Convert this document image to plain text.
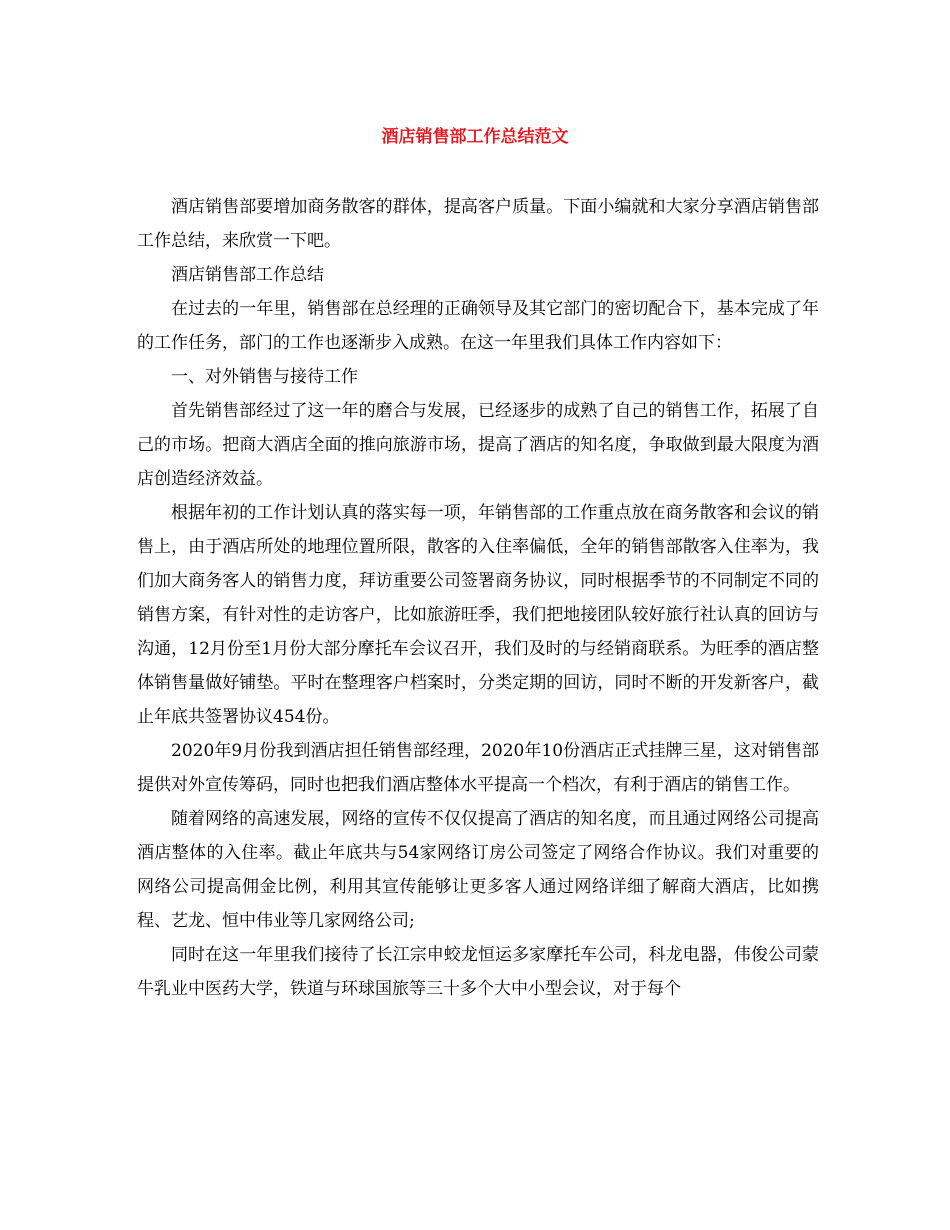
酒店销售部工作总结范文

酒店销售部要增加商务散客的群体，提高客户质量。下面小编就和大家分享酒店销售部工作总结，来欣赏一下吧。

酒店销售部工作总结

在过去的一年里，销售部在总经理的正确领导及其它部门的密切配合下，基本完成了年的工作任务，部门的工作也逐渐步入成熟。在这一年里我们具体工作内容如下：

一、对外销售与接待工作

首先销售部经过了这一年的磨合与发展，已经逐步的成熟了自己的销售工作，拓展了自己的市场。把商大酒店全面的推向旅游市场，提高了酒店的知名度，争取做到最大限度为酒店创造经济效益。

根据年初的工作计划认真的落实每一项，年销售部的工作重点放在商务散客和会议的销售上，由于酒店所处的地理位置所限，散客的入住率偏低，全年的销售部散客入住率为，我们加大商务客人的销售力度，拜访重要公司签署商务协议，同时根据季节的不同制定不同的销售方案，有针对性的走访客户，比如旅游旺季，我们把地接团队较好旅行社认真的回访与沟通，12月份至1月份大部分摩托车会议召开，我们及时的与经销商联系。为旺季的酒店整体销售量做好铺垫。平时在整理客户档案时，分类定期的回访，同时不断的开发新客户，截止年底共签署协议454份。

2020年9月份我到酒店担任销售部经理，2020年10份酒店正式挂牌三星，这对销售部提供对外宣传筹码，同时也把我们酒店整体水平提高一个档次，有利于酒店的销售工作。

随着网络的高速发展，网络的宣传不仅仅提高了酒店的知名度，而且通过网络公司提高酒店整体的入住率。截止年底共与54家网络订房公司签定了网络合作协议。我们对重要的网络公司提高佣金比例，利用其宣传能够让更多客人通过网络详细了解商大酒店，比如携程、艺龙、恒中伟业等几家网络公司;

同时在这一年里我们接待了长江宗申蛟龙恒运多家摩托车公司，科龙电器，伟俊公司蒙牛乳业中医药大学，铁道与环球国旅等三十多个大中小型会议，对于每个
